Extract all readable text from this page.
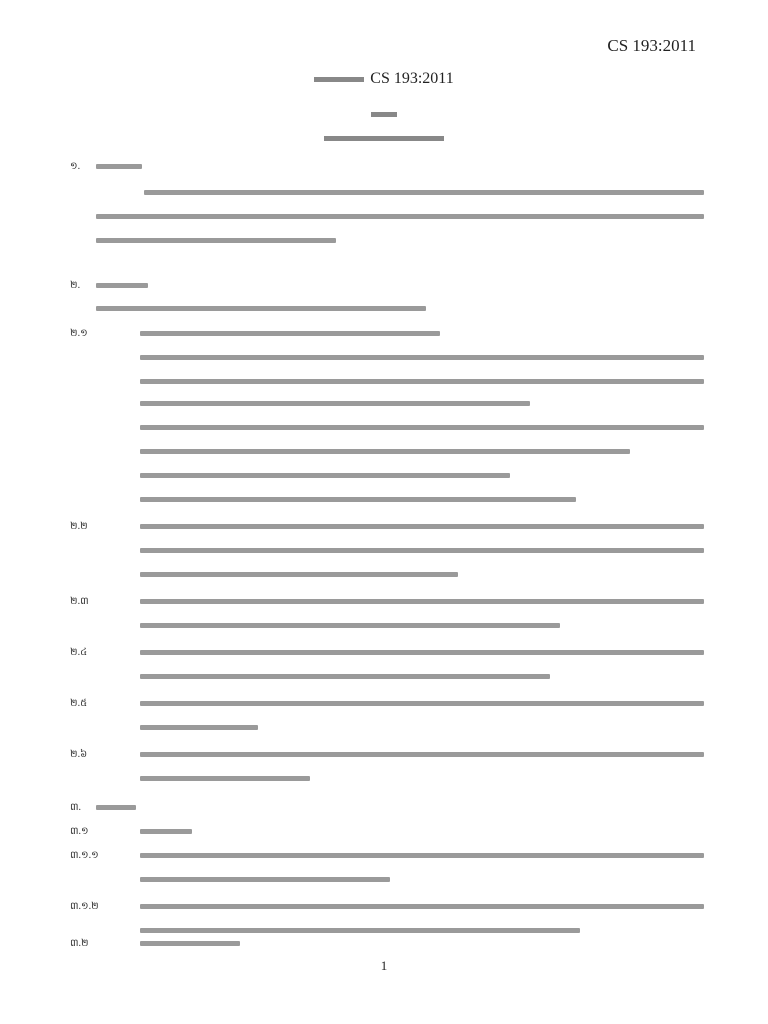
CS 193:2011
CS 193:2011
១.
២.
២.១
២.២
២.៣
២.៤
២.៥
២.៦
៣.
៣.១
៣.១.១
៣.១.២
៣.២
1
